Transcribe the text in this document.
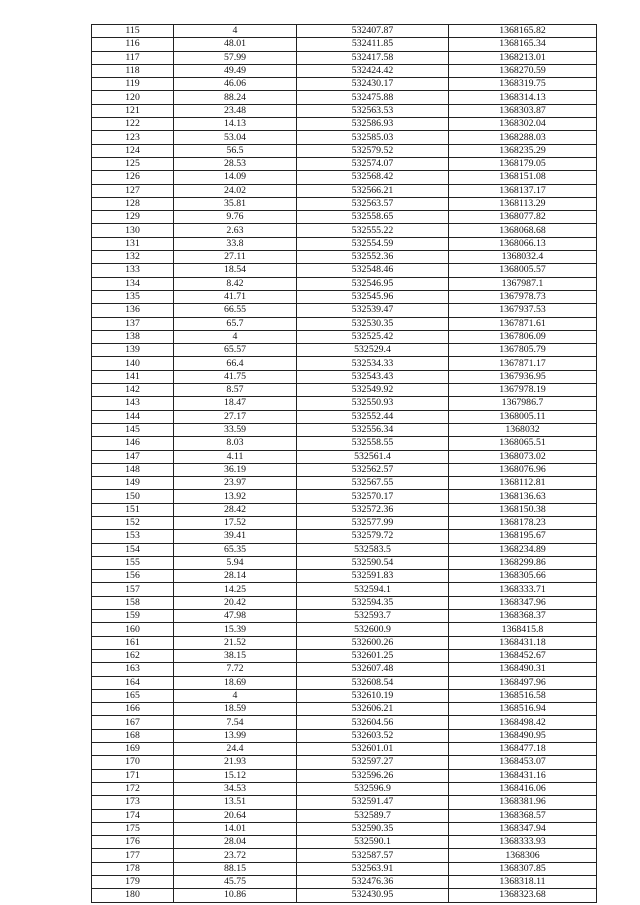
115	4	532407.87	1368165.82
116	48.01	532411.85	1368165.34
117	57.99	532417.58	1368213.01
118	49.49	532424.42	1368270.59
119	46.06	532430.17	1368319.75
120	88.24	532475.88	1368314.13
121	23.48	532563.53	1368303.87
122	14.13	532586.93	1368302.04
123	53.04	532585.03	1368288.03
124	56.5	532579.52	1368235.29
125	28.53	532574.07	1368179.05
126	14.09	532568.42	1368151.08
127	24.02	532566.21	1368137.17
128	35.81	532563.57	1368113.29
129	9.76	532558.65	1368077.82
130	2.63	532555.22	1368068.68
131	33.8	532554.59	1368066.13
132	27.11	532552.36	1368032.4
133	18.54	532548.46	1368005.57
134	8.42	532546.95	1367987.1
135	41.71	532545.96	1367978.73
136	66.55	532539.47	1367937.53
137	65.7	532530.35	1367871.61
138	4	532525.42	1367806.09
139	65.57	532529.4	1367805.79
140	66.4	532534.33	1367871.17
141	41.75	532543.43	1367936.95
142	8.57	532549.92	1367978.19
143	18.47	532550.93	1367986.7
144	27.17	532552.44	1368005.11
145	33.59	532556.34	1368032
146	8.03	532558.55	1368065.51
147	4.11	532561.4	1368073.02
148	36.19	532562.57	1368076.96
149	23.97	532567.55	1368112.81
150	13.92	532570.17	1368136.63
151	28.42	532572.36	1368150.38
152	17.52	532577.99	1368178.23
153	39.41	532579.72	1368195.67
154	65.35	532583.5	1368234.89
155	5.94	532590.54	1368299.86
156	28.14	532591.83	1368305.66
157	14.25	532594.1	1368333.71
158	20.42	532594.35	1368347.96
159	47.98	532593.7	1368368.37
160	15.39	532600.9	1368415.8
161	21.52	532600.26	1368431.18
162	38.15	532601.25	1368452.67
163	7.72	532607.48	1368490.31
164	18.69	532608.54	1368497.96
165	4	532610.19	1368516.58
166	18.59	532606.21	1368516.94
167	7.54	532604.56	1368498.42
168	13.99	532603.52	1368490.95
169	24.4	532601.01	1368477.18
170	21.93	532597.27	1368453.07
171	15.12	532596.26	1368431.16
172	34.53	532596.9	1368416.06
173	13.51	532591.47	1368381.96
174	20.64	532589.7	1368368.57
175	14.01	532590.35	1368347.94
176	28.04	532590.1	1368333.93
177	23.72	532587.57	1368306
178	88.15	532563.91	1368307.85
179	45.75	532476.36	1368318.11
180	10.86	532430.95	1368323.68
